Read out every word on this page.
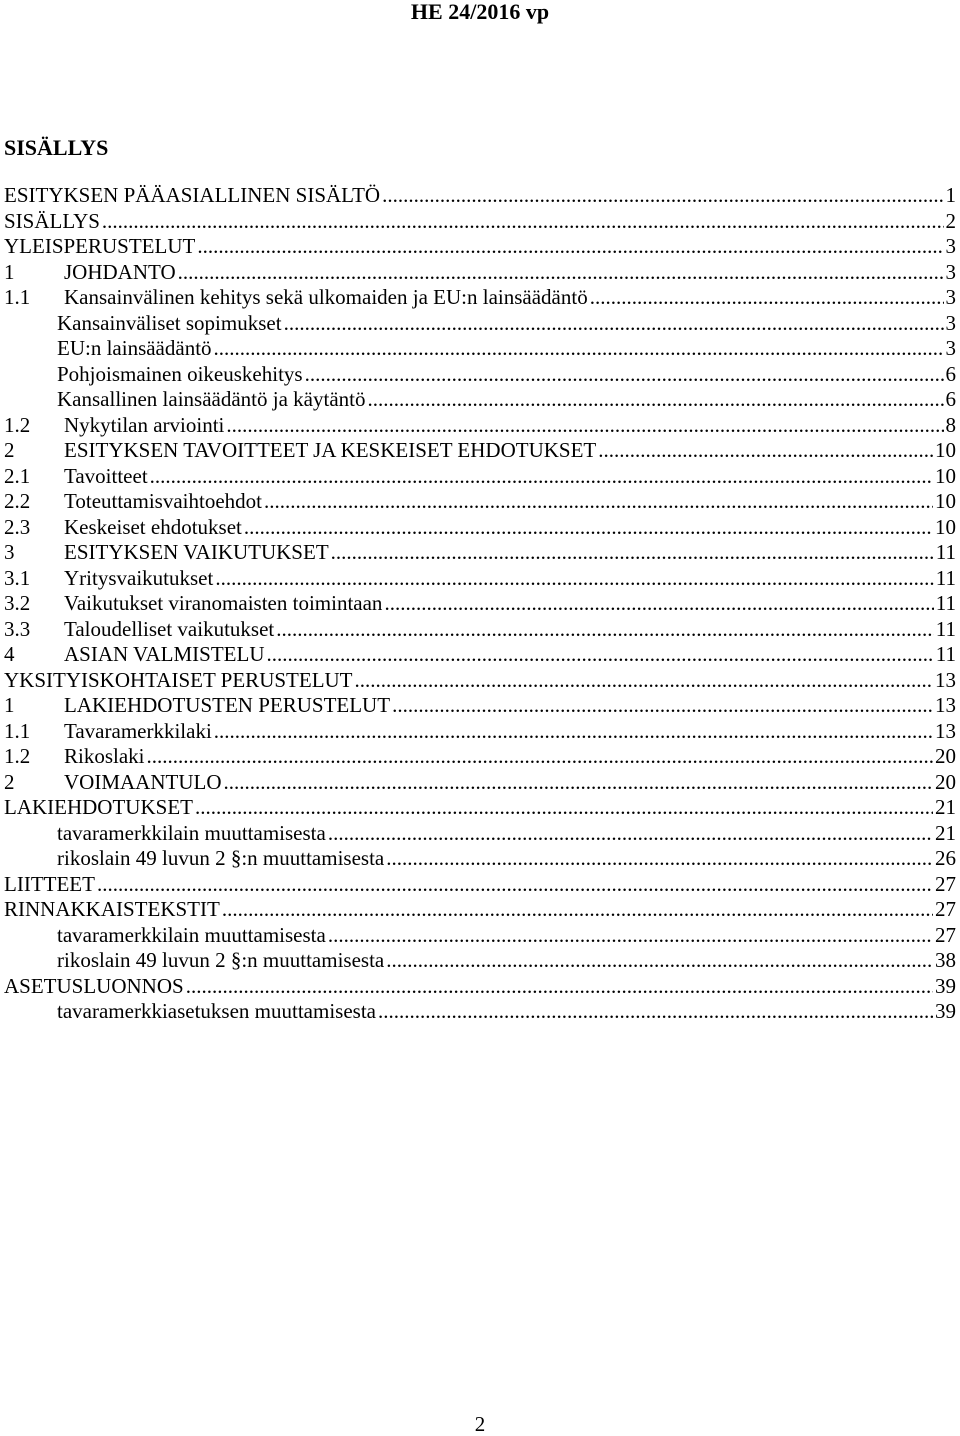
HE 24/2016 vp
SISÄLLYS
ESITYKSEN PÄÄASIALLINEN SISÄLTÖ .....	1
SISÄLLYS .....	2
YLEISPERUSTELUT .....	3
1	JOHDANTO .....	3
1.1	Kansainvälinen kehitys sekä ulkomaiden ja EU:n lainsäädäntö .....	3
Kansainväliset sopimukset .....	3
EU:n lainsäädäntö .....	3
Pohjoismainen oikeuskehitys .....	6
Kansallinen lainsäädäntö ja käytäntö .....	6
1.2	Nykytilan arviointi .....	8
2	ESITYKSEN TAVOITTEET JA KESKEISET EHDOTUKSET .....	10
2.1	Tavoitteet .....	10
2.2	Toteuttamisvaihtoehdot .....	10
2.3	Keskeiset ehdotukset .....	10
3	ESITYKSEN VAIKUTUKSET .....	11
3.1	Yritysvaikutukset .....	11
3.2	Vaikutukset viranomaisten toimintaan .....	11
3.3	Taloudelliset vaikutukset .....	11
4	ASIAN VALMISTELU .....	11
YKSITYISKOHTAISET PERUSTELUT .....	13
1	LAKIEHDOTUSTEN PERUSTELUT .....	13
1.1	Tavaramerkkilaki .....	13
1.2	Rikoslaki .....	20
2	VOIMAANTULO .....	20
LAKIEHDOTUKSET .....	21
tavaramerkkilain muuttamisesta .....	21
rikoslain 49 luvun 2 §:n muuttamisesta .....	26
LIITTEET .....	27
RINNAKKAISTEKSTIT .....	27
tavaramerkkilain muuttamisesta .....	27
rikoslain 49 luvun 2 §:n muuttamisesta .....	38
ASETUSLUONNOS .....	39
tavaramerkkiasetuksen muuttamisesta .....	39
2
